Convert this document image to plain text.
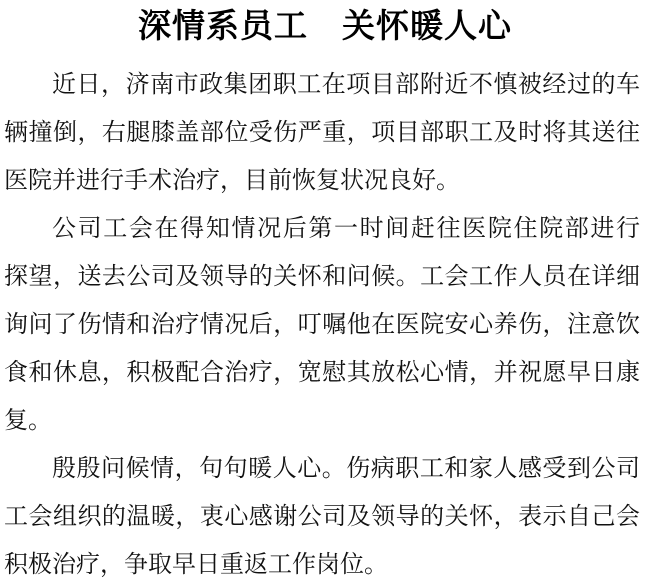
深情系员工　关怀暖人心
近日，济南市政集团职工在项目部附近不慎被经过的车
辆撞倒，右腿膝盖部位受伤严重，项目部职工及时将其送往
医院并进行手术治疗，目前恢复状况良好。
公司工会在得知情况后第一时间赶往医院住院部进行
探望，送去公司及领导的关怀和问候。工会工作人员在详细
询问了伤情和治疗情况后，叮嘱他在医院安心养伤，注意饮
食和休息，积极配合治疗，宽慰其放松心情，并祝愿早日康
复。
殷殷问候情，句句暖人心。伤病职工和家人感受到公司
工会组织的温暖，衷心感谢公司及领导的关怀，表示自己会
积极治疗，争取早日重返工作岗位。
